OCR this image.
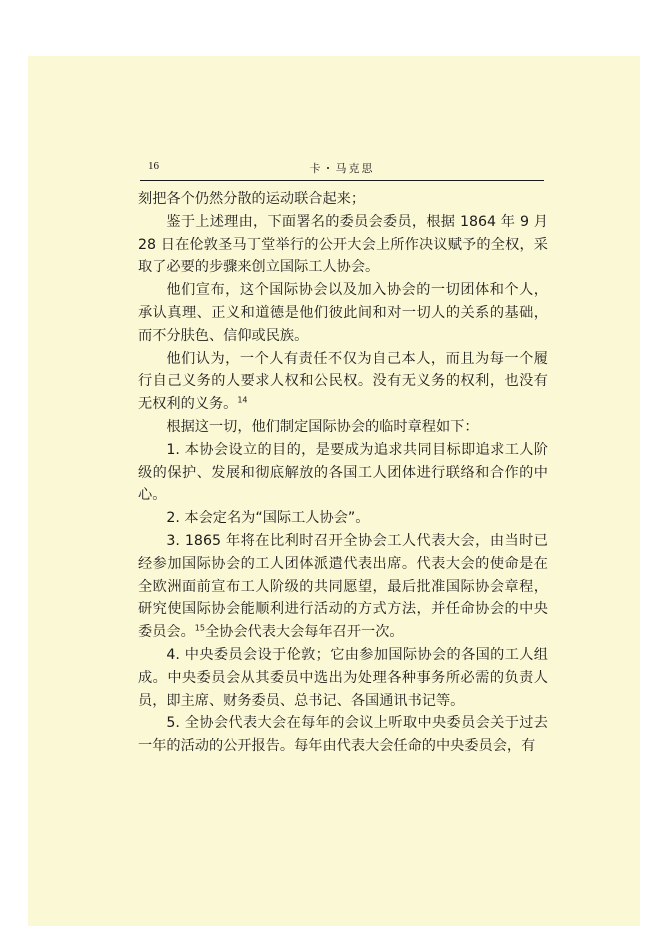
16	卡・马克思

刻把各个仍然分散的运动联合起来；

鉴于上述理由，下面署名的委员会委员，根据 1864 年 9 月 28 日在伦敦圣马丁堂举行的公开大会上所作决议赋予的全权，采取了必要的步骤来创立国际工人协会。

他们宣布，这个国际协会以及加入协会的一切团体和个人，承认真理、正义和道德是他们彼此间和对一切人的关系的基础，而不分肤色、信仰或民族。

他们认为，一个人有责任不仅为自己本人，而且为每一个履行自己义务的人要求人权和公民权。没有无义务的权利，也没有无权利的义务。$^{14}$

根据这一切，他们制定国际协会的临时章程如下：

1. 本协会设立的目的，是要成为追求共同目标即追求工人阶级的保护、发展和彻底解放的各国工人团体进行联络和合作的中心。

2. 本会定名为“国际工人协会”。

3. 1865 年将在比利时召开全协会工人代表大会，由当时已经参加国际协会的工人团体派遣代表出席。代表大会的使命是在全欧洲面前宣布工人阶级的共同愿望，最后批准国际协会章程，研究使国际协会能顺利进行活动的方式方法，并任命协会的中央委员会。$^{15}$全协会代表大会每年召开一次。

4. 中央委员会设于伦敦；它由参加国际协会的各国的工人组成。中央委员会从其委员中选出为处理各种事务所必需的负责人员，即主席、财务委员、总书记、各国通讯书记等。

5. 全协会代表大会在每年的会议上听取中央委员会关于过去一年的活动的公开报告。每年由代表大会任命的中央委员会，有
